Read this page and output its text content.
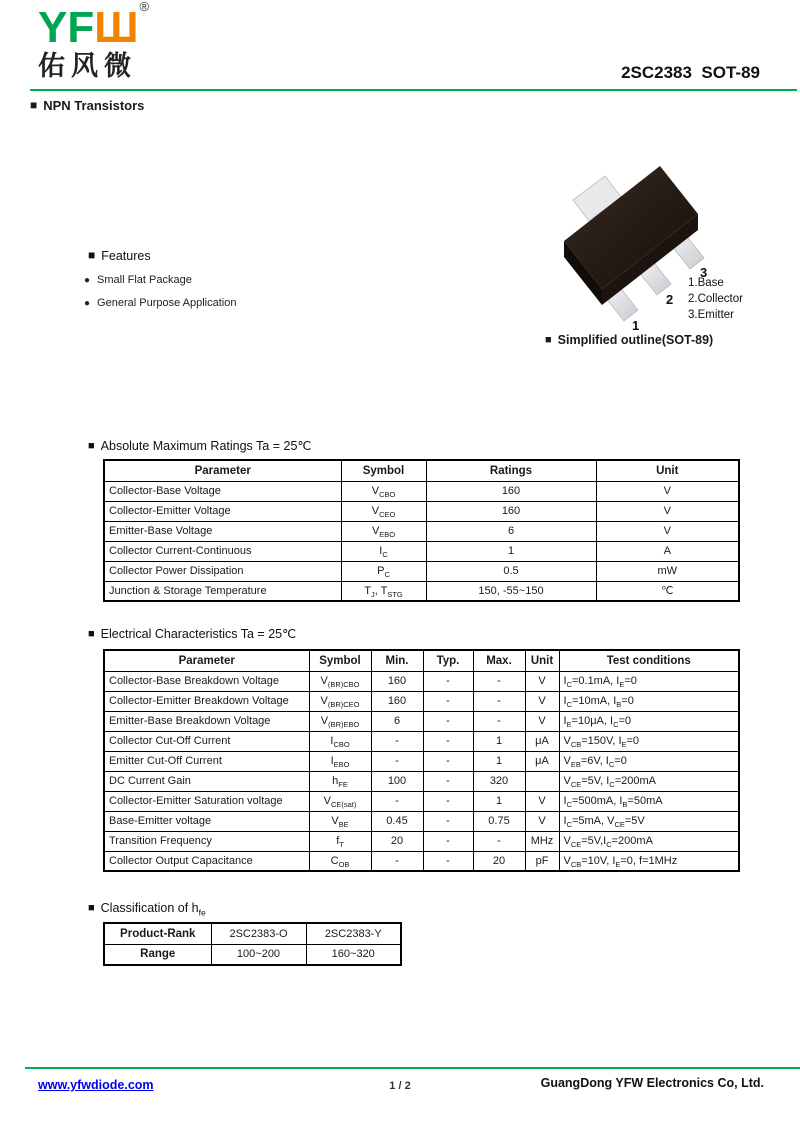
YFШ®
佑风微	2SC2383  SOT-89
■ NPN Transistors
1
2
3
1.Base
2.Collector
3.Emitter
■ Simplified outline(SOT-89)
■ Features
● Small Flat Package
● General Purpose Application
■ Absolute Maximum Ratings Ta = 25℃
Parameter	Symbol	Ratings	Unit
Collector-Base Voltage	$V_{CBO}$	160	V
Collector-Emitter Voltage	$V_{CEO}$	160	V
Emitter-Base Voltage	$V_{EBO}$	6	V
Collector Current-Continuous	$I_C$	1	A
Collector Power Dissipation	$P_C$	0.5	mW
Junction & Storage Temperature	$T_J$, $T_{STG}$	150, -55~150	℃
■ Electrical Characteristics Ta = 25℃
Parameter	Symbol	Min.	Typ.	Max.	Unit	Test conditions
Collector-Base Breakdown Voltage	$V_{(BR)CBO}$	160	-	-	V	$I_C=0.1mA$, $I_E=0$
Collector-Emitter Breakdown Voltage	$V_{(BR)CEO}$	160	-	-	V	$I_C=10mA$, $I_B=0$
Emitter-Base Breakdown Voltage	$V_{(BR)EBO}$	6	-	-	V	$I_E=10\mu A$, $I_C=0$
Collector Cut-Off Current	$I_{CBO}$	-	-	1	μA	$V_{CB}=150V$, $I_E=0$
Emitter Cut-Off Current	$I_{EBO}$	-	-	1	μA	$V_{EB}=6V$, $I_C=0$
DC Current Gain	$h_{FE}$	100	-	320		$V_{CE}=5V$, $I_C=200mA$
Collector-Emitter Saturation voltage	$V_{CE(sat)}$	-	-	1	V	$I_C=500mA$, $I_B=50mA$
Base-Emitter voltage	$V_{BE}$	0.45	-	0.75	V	$I_C=5mA$, $V_{CE}=5V$
Transition Frequency	$f_T$	20	-	-	MHz	$V_{CE}=5V,I_C=200mA$
Collector Output Capacitance	$C_{OB}$	-	-	20	pF	$V_{CB}=10V$, $I_E=0$, f=1MHz
■ Classification of $h_{fe}$
Product-Rank	2SC2383-O	2SC2383-Y
Range	100~200	160~320
www.yfwdiode.com	1 / 2	GuangDong YFW Electronics Co, Ltd.
